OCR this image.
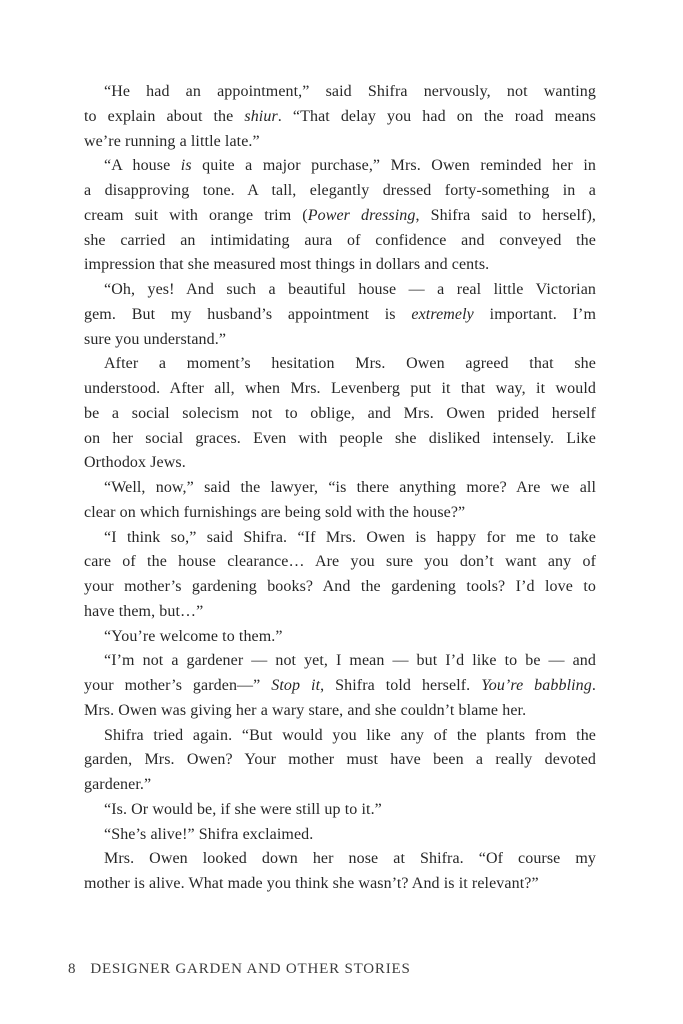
“He had an appointment,” said Shifra nervously, not wanting
to explain about the shiur. “That delay you had on the road means
we’re running a little late.”
“A house is quite a major purchase,” Mrs. Owen reminded her in
a disapproving tone. A tall, elegantly dressed forty-something in a
cream suit with orange trim (Power dressing, Shifra said to herself),
she carried an intimidating aura of confidence and conveyed the
impression that she measured most things in dollars and cents.
“Oh, yes! And such a beautiful house — a real little Victorian
gem. But my husband’s appointment is extremely important. I’m
sure you understand.”
After a moment’s hesitation Mrs. Owen agreed that she
understood. After all, when Mrs. Levenberg put it that way, it would
be a social solecism not to oblige, and Mrs. Owen prided herself
on her social graces. Even with people she disliked intensely. Like
Orthodox Jews.
“Well, now,” said the lawyer, “is there anything more? Are we all
clear on which furnishings are being sold with the house?”
“I think so,” said Shifra. “If Mrs. Owen is happy for me to take
care of the house clearance… Are you sure you don’t want any of
your mother’s gardening books? And the gardening tools? I’d love to
have them, but…”
“You’re welcome to them.”
“I’m not a gardener — not yet, I mean — but I’d like to be — and
your mother’s garden—” Stop it, Shifra told herself. You’re babbling.
Mrs. Owen was giving her a wary stare, and she couldn’t blame her.
Shifra tried again. “But would you like any of the plants from the
garden, Mrs. Owen? Your mother must have been a really devoted
gardener.”
“Is. Or would be, if she were still up to it.”
“She’s alive!” Shifra exclaimed.
Mrs. Owen looked down her nose at Shifra. “Of course my
mother is alive. What made you think she wasn’t? And is it relevant?”
8 DESIGNER GARDEN AND OTHER STORIES
